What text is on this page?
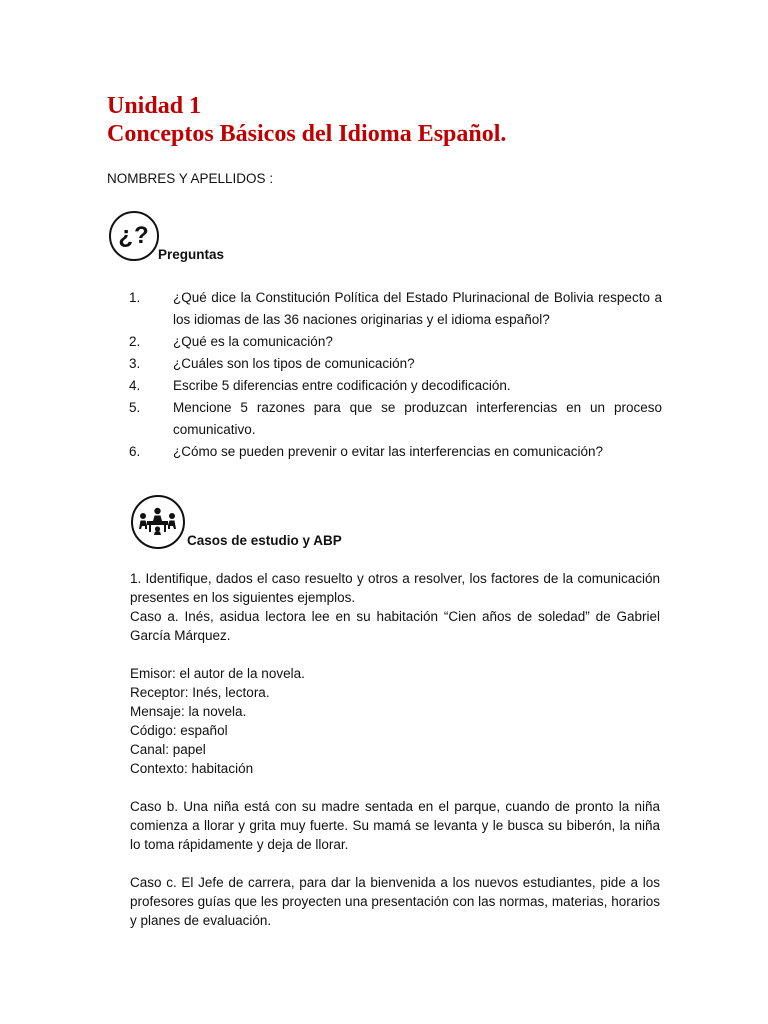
Unidad 1
Conceptos Básicos del Idioma Español.
NOMBRES Y APELLIDOS :
¿?
Preguntas
1. ¿Qué dice la Constitución Política del Estado Plurinacional de Bolivia respecto a los idiomas de las 36 naciones originarias y el idioma español?
2. ¿Qué es la comunicación?
3. ¿Cuáles son los tipos de comunicación?
4. Escribe 5 diferencias entre codificación y decodificación.
5. Mencione 5 razones para que se produzcan interferencias en un proceso comunicativo.
6. ¿Cómo se pueden prevenir o evitar las interferencias en comunicación?
Casos de estudio y ABP

1. Identifique, dados el caso resuelto y otros a resolver, los factores de la comunicación presentes en los siguientes ejemplos.

Caso a. Inés, asidua lectora lee en su habitación “Cien años de soledad” de Gabriel García Márquez.

Emisor: el autor de la novela.

Receptor: Inés, lectora.

Mensaje: la novela.

Código: español

Canal: papel

Contexto: habitación

Caso b. Una niña está con su madre sentada en el parque, cuando de pronto la niña comienza a llorar y grita muy fuerte. Su mamá se levanta y le busca su biberón, la niña lo toma rápidamente y deja de llorar.

Caso c. El Jefe de carrera, para dar la bienvenida a los nuevos estudiantes, pide a los profesores guías que les proyecten una presentación con las normas, materias, horarios y planes de evaluación.
